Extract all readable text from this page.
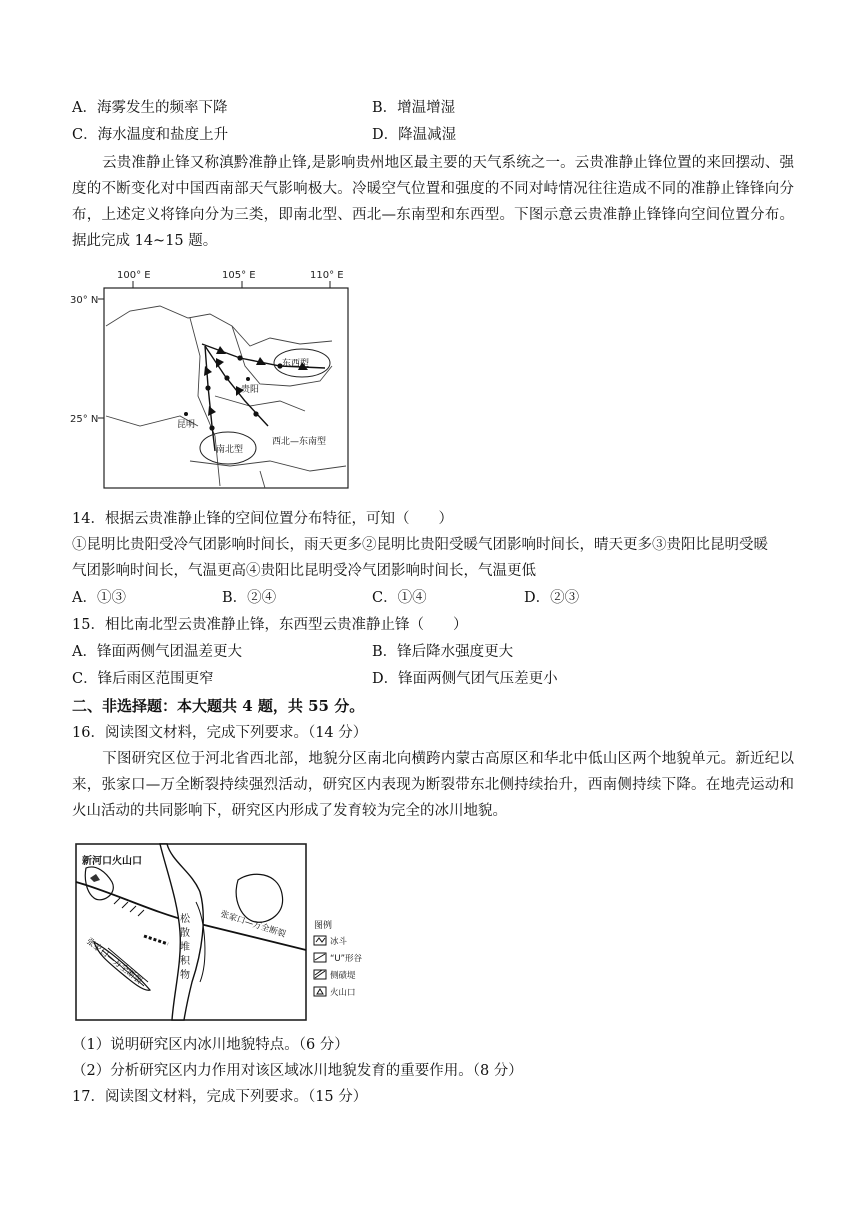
A．海雾发生的频率下降	B．增温增湿
C．海水温度和盐度上升	D．降温减湿
云贵准静止锋又称滇黔准静止锋,是影响贵州地区最主要的天气系统之一。云贵准静止锋位置的来回摆动、强度的不断变化对中国西南部天气影响极大。冷暖空气位置和强度的不同对峙情况往往造成不同的准静止锋锋向分布，上述定义将锋向分为三类，即南北型、西北—东南型和东西型。下图示意云贵准静止锋锋向空间位置分布。据此完成 14~15 题。
100° E	105° E	110° E
30° N
25° N
贵阳
昆明
东西型
南北型
西北—东南型
14．根据云贵准静止锋的空间位置分布特征，可知（　　）
①昆明比贵阳受冷气团影响时间长，雨天更多②昆明比贵阳受暖气团影响时间长，晴天更多③贵阳比昆明受暖
气团影响时间长，气温更高④贵阳比昆明受冷气团影响时间长，气温更低
A．①③	B．②④	C．①④	D．②③
15．相比南北型云贵准静止锋，东西型云贵准静止锋（　　）
A．锋面两侧气团温差更大	B．锋后降水强度更大
C．锋后雨区范围更窄	D．锋面两侧气团气压差更小
二、非选择题：本大题共 4 题，共 55 分。
16．阅读图文材料，完成下列要求。（14 分）
下图研究区位于河北省西北部，地貌分区南北向横跨内蒙古高原区和华北中低山区两个地貌单元。新近纪以来，张家口—万全断裂持续强烈活动，研究区内表现为断裂带东北侧持续抬升，西南侧持续下降。在地壳运动和火山活动的共同影响下，研究区内形成了发育较为完全的冰川地貌。
新河口火山口
张家口—万全断裂
张家口—万全断裂
松
散
堆
积
物
图例
冰斗
“U”形谷
侧碛堤
火山口
（1）说明研究区内冰川地貌特点。（6 分）
（2）分析研究区内力作用对该区域冰川地貌发育的重要作用。（8 分）
17．阅读图文材料，完成下列要求。（15 分）
